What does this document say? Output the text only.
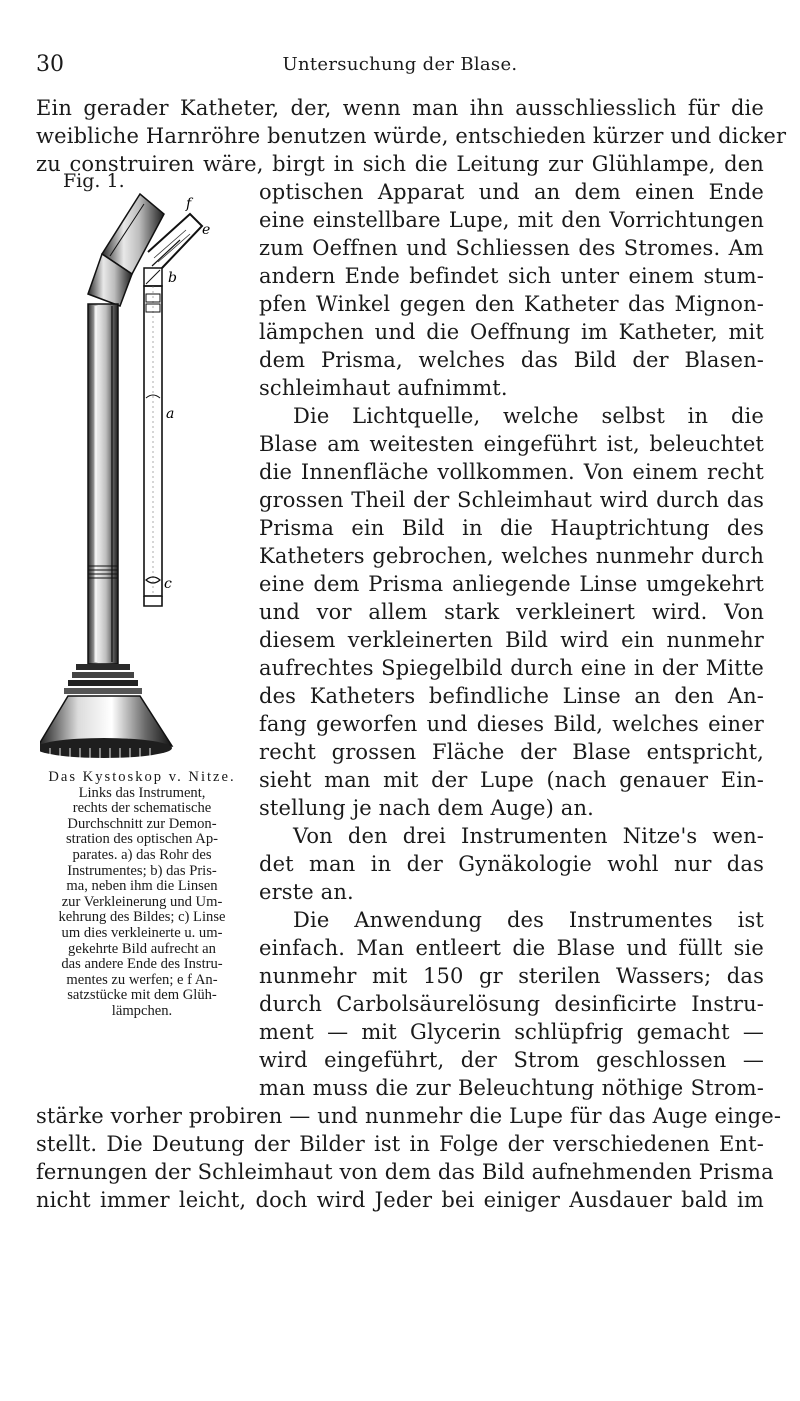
30	Untersuchung der Blase.
Ein gerader Katheter, der, wenn man ihn ausschliesslich für die
weibliche Harnröhre benutzen würde, entschieden kürzer und dicker
zu construiren wäre, birgt in sich die Leitung zur Glühlampe, den
optischen Apparat und an dem einen Ende
eine einstellbare Lupe, mit den Vorrichtungen
zum Oeffnen und Schliessen des Stromes. Am
andern Ende befindet sich unter einem stum-
pfen Winkel gegen den Katheter das Mignon-
lämpchen und die Oeffnung im Katheter, mit
dem Prisma, welches das Bild der Blasen-
schleimhaut aufnimmt.
Die Lichtquelle, welche selbst in die
Blase am weitesten eingeführt ist, beleuchtet
die Innenfläche vollkommen. Von einem recht
grossen Theil der Schleimhaut wird durch das
Prisma ein Bild in die Hauptrichtung des
Katheters gebrochen, welches nunmehr durch
eine dem Prisma anliegende Linse umgekehrt
und vor allem stark verkleinert wird. Von
diesem verkleinerten Bild wird ein nunmehr
aufrechtes Spiegelbild durch eine in der Mitte
des Katheters befindliche Linse an den An-
fang geworfen und dieses Bild, welches einer
recht grossen Fläche der Blase entspricht,
sieht man mit der Lupe (nach genauer Ein-
stellung je nach dem Auge) an.
Von den drei Instrumenten Nitze's wen-
det man in der Gynäkologie wohl nur das
erste an.
Die Anwendung des Instrumentes ist
einfach. Man entleert die Blase und füllt sie
nunmehr mit 150 gr sterilen Wassers; das
durch Carbolsäurelösung desinficirte Instru-
ment — mit Glycerin schlüpfrig gemacht —
wird eingeführt, der Strom geschlossen —
man muss die zur Beleuchtung nöthige Strom-
stärke vorher probiren — und nunmehr die Lupe für das Auge einge-
stellt. Die Deutung der Bilder ist in Folge der verschiedenen Ent-
fernungen der Schleimhaut von dem das Bild aufnehmenden Prisma
nicht immer leicht, doch wird Jeder bei einiger Ausdauer bald im
Fig. 1.
f
e
b
a
c
Das Kystoskop v. Nitze.
Links das Instrument,
rechts der schematische
Durchschnitt zur Demon-
stration des optischen Ap-
parates. a) das Rohr des
Instrumentes; b) das Pris-
ma, neben ihm die Linsen
zur Verkleinerung und Um-
kehrung des Bildes; c) Linse
um dies verkleinerte u. um-
gekehrte Bild aufrecht an
das andere Ende des Instru-
mentes zu werfen; e f An-
satzstücke mit dem Glüh-
lämpchen.
